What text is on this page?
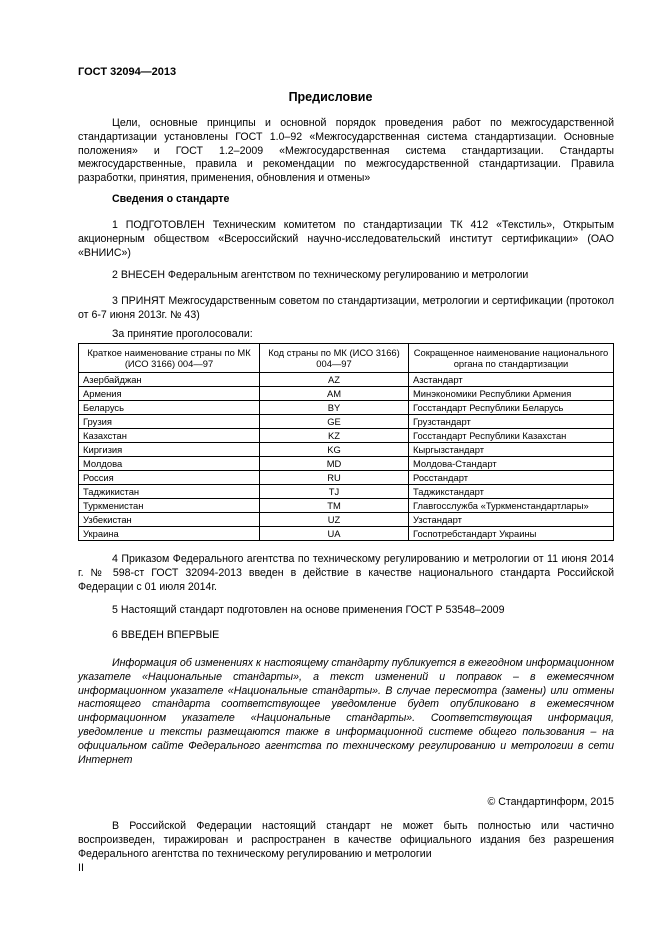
ГОСТ 32094—2013
Предисловие
Цели, основные принципы и основной порядок проведения работ по межгосударственной стандартизации установлены ГОСТ 1.0–92 «Межгосударственная система стандартизации. Основные положения» и ГОСТ 1.2–2009 «Межгосударственная система стандартизации. Стандарты межгосударственные, правила и рекомендации по межгосударственной стандартизации. Правила разработки, принятия, применения, обновления и отмены»
Сведения о стандарте
1 ПОДГОТОВЛЕН Техническим комитетом по стандартизации ТК 412 «Текстиль», Открытым акционерным обществом «Всероссийский научно-исследовательский институт сертификации» (ОАО «ВНИИС»)
2 ВНЕСЕН Федеральным агентством по техническому регулированию и метрологии
3 ПРИНЯТ Межгосударственным советом по стандартизации, метрологии и сертификации (протокол от 6-7 июня 2013г. № 43)
За принятие проголосовали:
Краткое наименование страны по МК (ИСО 3166) 004—97	Код страны по МК (ИСО 3166) 004—97	Сокращенное наименование национального органа по стандартизации
Азербайджан	AZ	Азстандарт
Армения	AM	Минэкономики Республики Армения
Беларусь	BY	Госстандарт Республики Беларусь
Грузия	GE	Грузстандарт
Казахстан	KZ	Госстандарт Республики Казахстан
Киргизия	KG	Кыргызстандарт
Молдова	MD	Молдова-Стандарт
Россия	RU	Росстандарт
Таджикистан	TJ	Таджикстандарт
Туркменистан	TM	Главгосслужба «Туркменстандартлары»
Узбекистан	UZ	Узстандарт
Украина	UA	Госпотребстандарт Украины
4 Приказом Федерального агентства по техническому регулированию и метрологии от 11 июня 2014 г. № 598-ст ГОСТ 32094-2013 введен в действие в качестве национального стандарта Российской Федерации с 01 июля 2014г.
5 Настоящий стандарт подготовлен на основе применения ГОСТ Р 53548–2009
6 ВВЕДЕН ВПЕРВЫЕ
Информация об изменениях к настоящему стандарту публикуется в ежегодном информационном указателе «Национальные стандарты», а текст изменений и поправок – в ежемесячном информационном указателе «Национальные стандарты». В случае пересмотра (замены) или отмены настоящего стандарта соответствующее уведомление будет опубликовано в ежемесячном информационном указателе «Национальные стандарты». Соответствующая информация, уведомление и тексты размещаются также в информационной системе общего пользования – на официальном сайте Федерального агентства по техническому регулированию и метрологии в сети Интернет
© Стандартинформ, 2015
В Российской Федерации настоящий стандарт не может быть полностью или частично воспроизведен, тиражирован и распространен в качестве официального издания без разрешения Федерального агентства по техническому регулированию и метрологии
II
